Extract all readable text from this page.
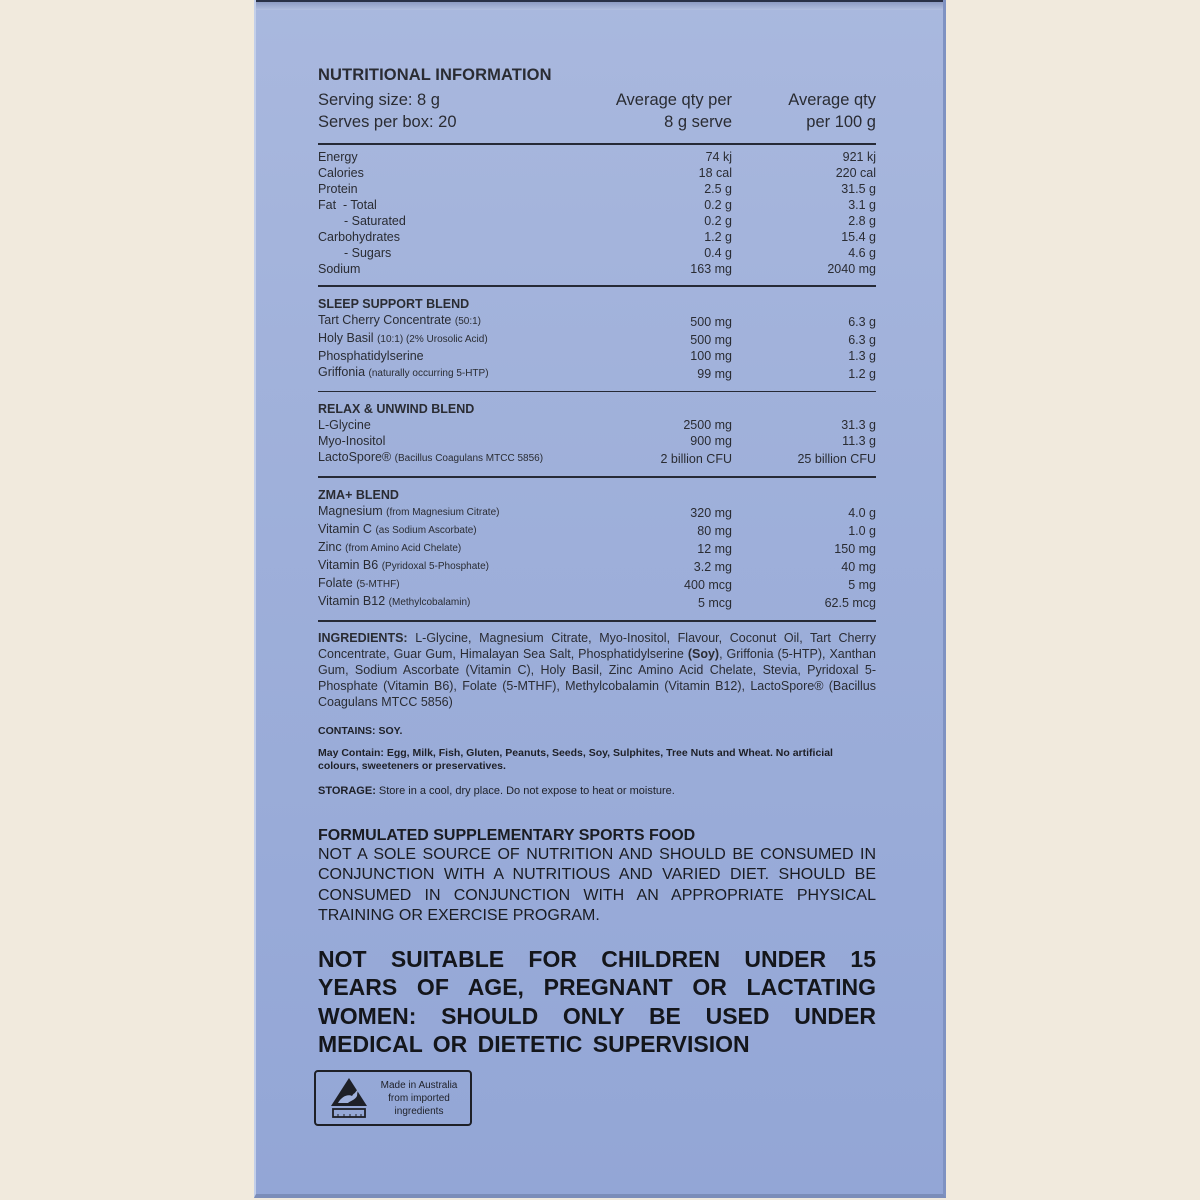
NUTRITIONAL INFORMATION
Serving size: 8 g	Average qty per	Average qty
Serves per box: 20	8 g serve	per 100 g
Energy	74 kj	921 kj
Calories	18 cal	220 cal
Protein	2.5 g	31.5 g
Fat  - Total	0.2 g	3.1 g
- Saturated	0.2 g	2.8 g
Carbohydrates	1.2 g	15.4 g
- Sugars	0.4 g	4.6 g
Sodium	163 mg	2040 mg
SLEEP SUPPORT BLEND
Tart Cherry Concentrate (50:1)	500 mg	6.3 g
Holy Basil (10:1) (2% Urosolic Acid)	500 mg	6.3 g
Phosphatidylserine	100 mg	1.3 g
Griffonia (naturally occurring 5-HTP)	99 mg	1.2 g
RELAX & UNWIND BLEND
L-Glycine	2500 mg	31.3 g
Myo-Inositol	900 mg	11.3 g
LactoSpore® (Bacillus Coagulans MTCC 5856)	2 billion CFU	25 billion CFU
ZMA+ BLEND
Magnesium (from Magnesium Citrate)	320 mg	4.0 g
Vitamin C (as Sodium Ascorbate)	80 mg	1.0 g
Zinc (from Amino Acid Chelate)	12 mg	150 mg
Vitamin B6 (Pyridoxal 5-Phosphate)	3.2 mg	40 mg
Folate (5-MTHF)	400 mcg	5 mg
Vitamin B12 (Methylcobalamin)	5 mcg	62.5 mcg
INGREDIENTS: L-Glycine, Magnesium Citrate, Myo-Inositol, Flavour, Coconut Oil, Tart Cherry Concentrate, Guar Gum, Himalayan Sea Salt, Phosphatidylserine (Soy), Griffonia (5-HTP), Xanthan Gum, Sodium Ascorbate (Vitamin C), Holy Basil, Zinc Amino Acid Chelate, Stevia, Pyridoxal 5-Phosphate (Vitamin B6), Folate (5-MTHF), Methylcobalamin (Vitamin B12), LactoSpore® (Bacillus Coagulans MTCC 5856)
CONTAINS: SOY.
May Contain: Egg, Milk, Fish, Gluten, Peanuts, Seeds, Soy, Sulphites, Tree Nuts and Wheat. No artificial colours, sweeteners or preservatives.
STORAGE: Store in a cool, dry place. Do not expose to heat or moisture.
FORMULATED SUPPLEMENTARY SPORTS FOOD
NOT A SOLE SOURCE OF NUTRITION AND SHOULD BE CONSUMED IN CONJUNCTION WITH A NUTRITIOUS AND VARIED DIET. SHOULD BE CONSUMED IN CONJUNCTION WITH AN APPROPRIATE PHYSICAL TRAINING OR EXERCISE PROGRAM.
NOT SUITABLE FOR CHILDREN UNDER 15 YEARS OF AGE, PREGNANT OR LACTATING WOMEN: SHOULD ONLY BE USED UNDER MEDICAL OR DIETETIC SUPERVISION
Made in Australia
from imported
ingredients
